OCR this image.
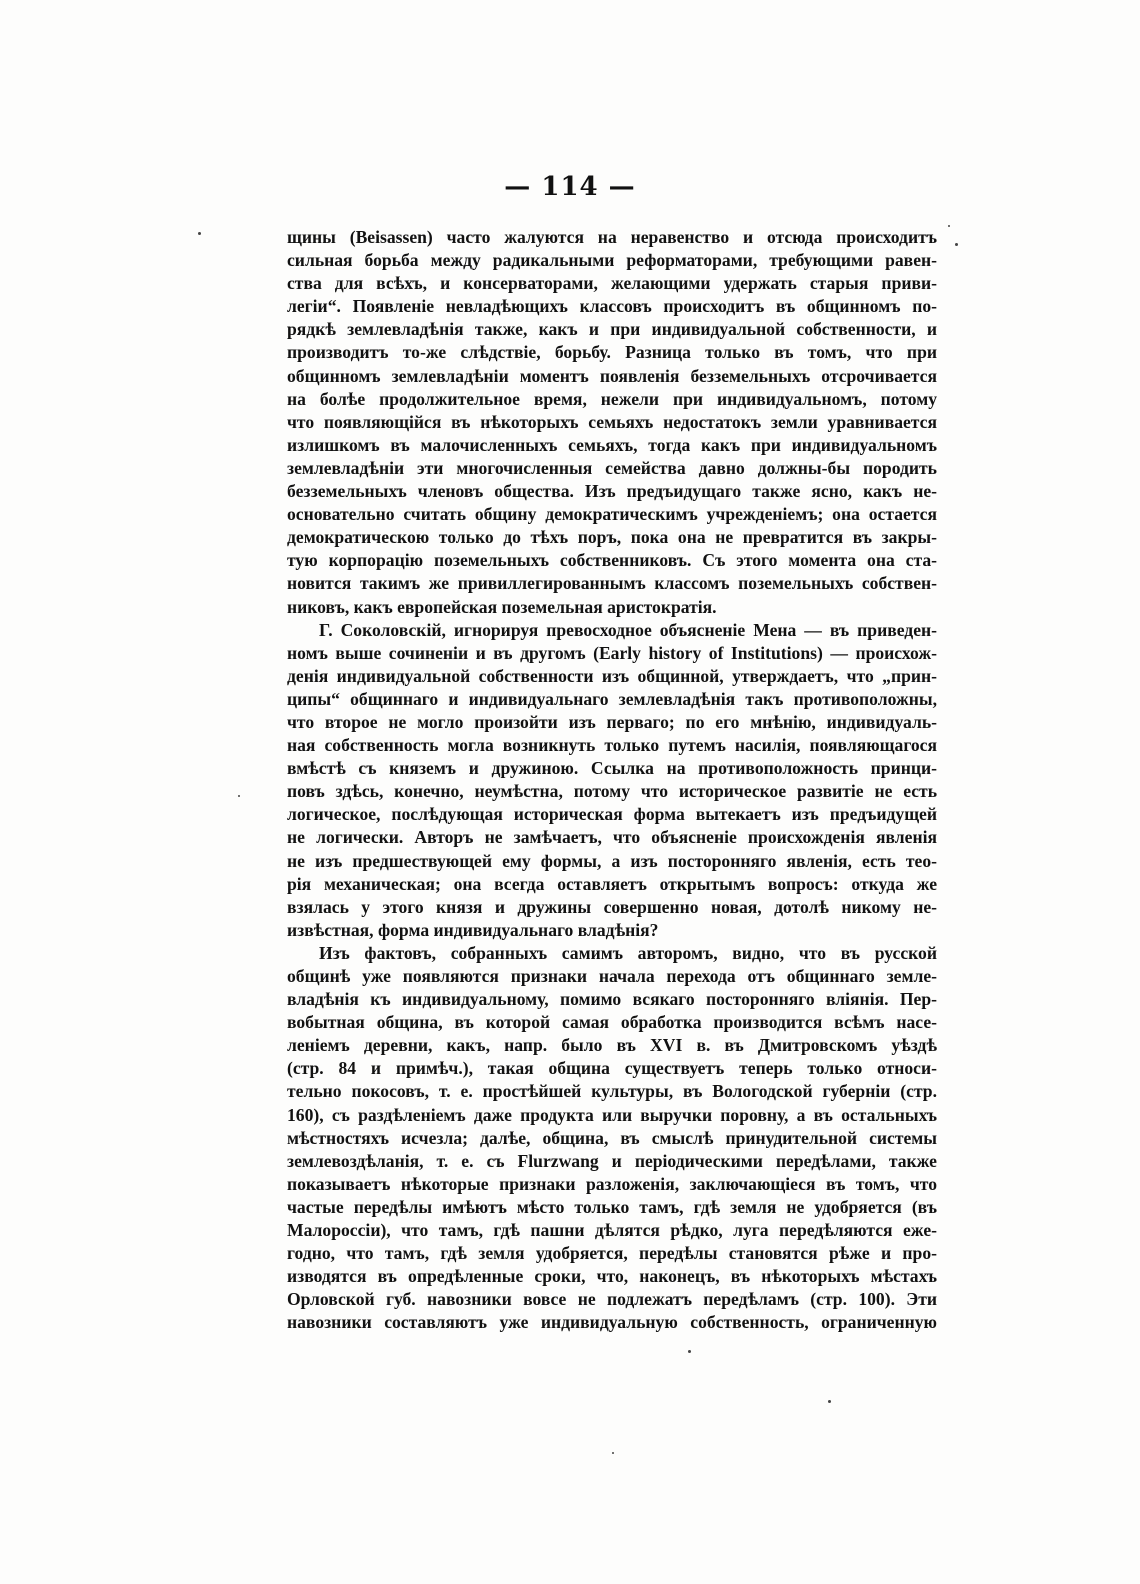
— 114 —
щины (Beisassen) часто жалуются на неравенство и отсюда происходитъ
сильная борьба между радикальными реформаторами, требующими равен-
ства для всѣхъ, и консерваторами, желающими удержать старыя приви-
легіи“. Появленіе невладѣющихъ классовъ происходитъ въ общинномъ по-
рядкѣ землевладѣнія также, какъ и при индивидуальной собственности, и
производитъ то-же слѣдствіе, борьбу. Разница только въ томъ, что при
общинномъ землевладѣніи моментъ появленія безземельныхъ отсрочивается
на болѣе продолжительное время, нежели при индивидуальномъ, потому
что появляющійся въ нѣкоторыхъ семьяхъ недостатокъ земли уравнивается
излишкомъ въ малочисленныхъ семьяхъ, тогда какъ при индивидуальномъ
землевладѣніи эти многочисленныя семейства давно должны-бы породить
безземельныхъ членовъ общества. Изъ предъидущаго также ясно, какъ не-
основательно считать общину демократическимъ учрежденіемъ; она остается
демократическою только до тѣхъ поръ, пока она не превратится въ закры-
тую корпорацію поземельныхъ собственниковъ. Съ этого момента она ста-
новится такимъ же привиллегированнымъ классомъ поземельныхъ собствен-
никовъ, какъ европейская поземельная аристократія.
Г. Соколовскій, игнорируя превосходное объясненіе Мена — въ приведен-
номъ выше сочиненіи и въ другомъ (Early history of Institutions) — происхож-
денія индивидуальной собственности изъ общинной, утверждаетъ, что „прин-
ципы“ общиннаго и индивидуальнаго землевладѣнія такъ противоположны,
что второе не могло произойти изъ перваго; по его мнѣнію, индивидуаль-
ная собственность могла возникнуть только путемъ насилія, появляющагося
вмѣстѣ съ княземъ и дружиною. Ссылка на противоположность принци-
повъ здѣсь, конечно, неумѣстна, потому что историческое развитіе не есть
логическое, послѣдующая историческая форма вытекаетъ изъ предъидущей
не логически. Авторъ не замѣчаетъ, что объясненіе происхожденія явленія
не изъ предшествующей ему формы, а изъ посторонняго явленія, есть тео-
рія механическая; она всегда оставляетъ открытымъ вопросъ: откуда же
взялась у этого князя и дружины совершенно новая, дотолѣ никому не-
извѣстная, форма индивидуальнаго владѣнія?
Изъ фактовъ, собранныхъ самимъ авторомъ, видно, что въ русской
общинѣ уже появляются признаки начала перехода отъ общиннаго земле-
владѣнія къ индивидуальному, помимо всякаго посторонняго вліянія. Пер-
вобытная община, въ которой самая обработка производится всѣмъ насе-
леніемъ деревни, какъ, напр. было въ XVI в. въ Дмитровскомъ уѣздѣ
(стр. 84 и примѣч.), такая община существуетъ теперь только относи-
тельно покосовъ, т. е. простѣйшей культуры, въ Вологодской губерніи (стр.
160), съ раздѣленіемъ даже продукта или выручки поровну, а въ остальныхъ
мѣстностяхъ исчезла; далѣе, община, въ смыслѣ принудительной системы
землевоздѣланія, т. е. съ Flurzwang и періодическими передѣлами, также
показываетъ нѣкоторые признаки разложенія, заключающіеся въ томъ, что
частые передѣлы имѣютъ мѣсто только тамъ, гдѣ земля не удобряется (въ
Малороссіи), что тамъ, гдѣ пашни дѣлятся рѣдко, луга передѣляются еже-
годно, что тамъ, гдѣ земля удобряется, передѣлы становятся рѣже и про-
изводятся въ опредѣленные сроки, что, наконецъ, въ нѣкоторыхъ мѣстахъ
Орловской губ. навозники вовсе не подлежатъ передѣламъ (стр. 100). Эти
навозники составляютъ уже индивидуальную собственность, ограниченную
